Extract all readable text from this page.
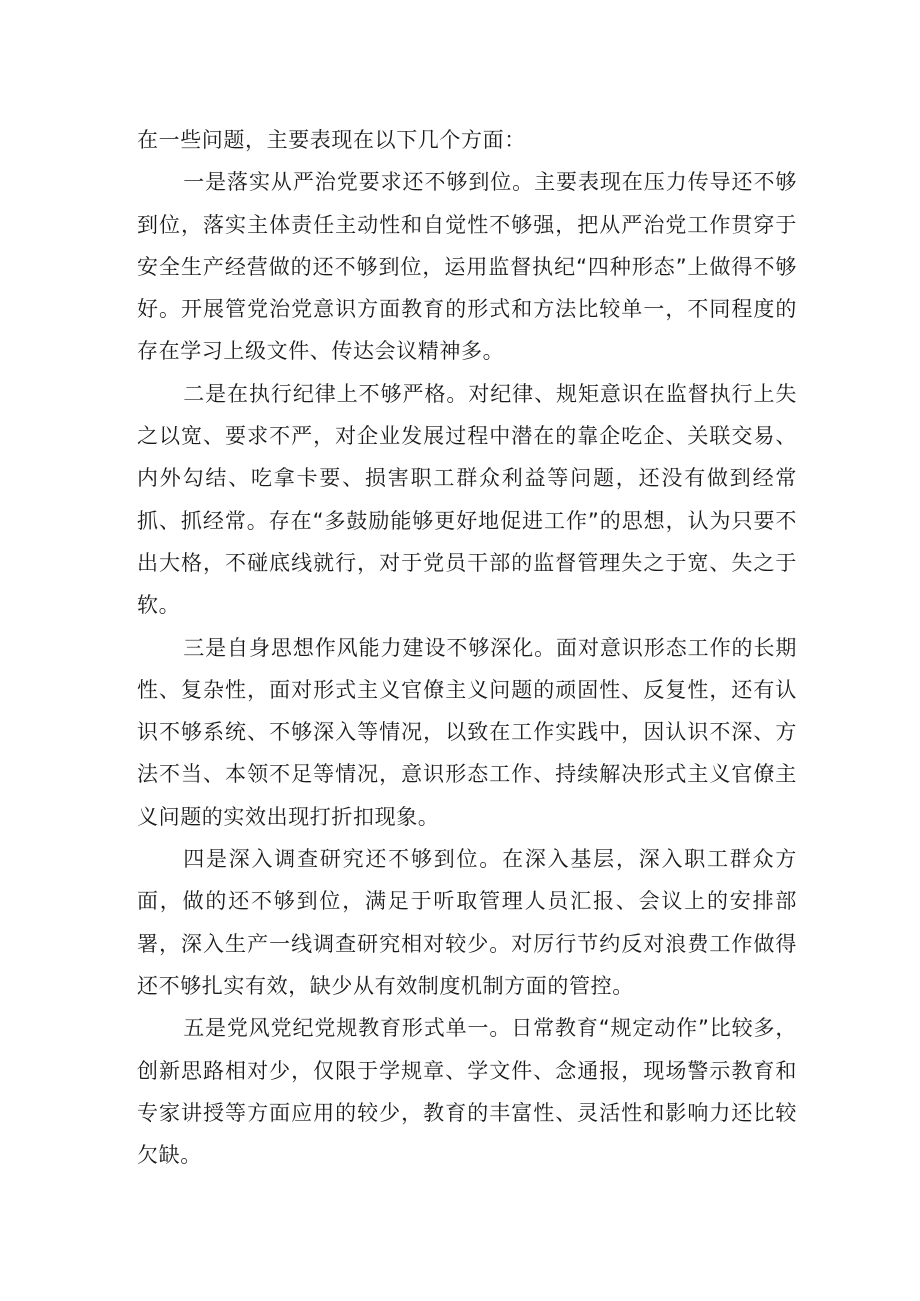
在一些问题，主要表现在以下几个方面：

一是落实从严治党要求还不够到位。主要表现在压力传导还不够到位，落实主体责任主动性和自觉性不够强，把从严治党工作贯穿于安全生产经营做的还不够到位，运用监督执纪“四种形态”上做得不够好。开展管党治党意识方面教育的形式和方法比较单一，不同程度的存在学习上级文件、传达会议精神多。

二是在执行纪律上不够严格。对纪律、规矩意识在监督执行上失之以宽、要求不严，对企业发展过程中潜在的靠企吃企、关联交易、内外勾结、吃拿卡要、损害职工群众利益等问题，还没有做到经常抓、抓经常。存在“多鼓励能够更好地促进工作”的思想，认为只要不出大格，不碰底线就行，对于党员干部的监督管理失之于宽、失之于软。

三是自身思想作风能力建设不够深化。面对意识形态工作的长期性、复杂性，面对形式主义官僚主义问题的顽固性、反复性，还有认识不够系统、不够深入等情况，以致在工作实践中，因认识不深、方法不当、本领不足等情况，意识形态工作、持续解决形式主义官僚主义问题的实效出现打折扣现象。

四是深入调查研究还不够到位。在深入基层，深入职工群众方面，做的还不够到位，满足于听取管理人员汇报、会议上的安排部署，深入生产一线调查研究相对较少。对厉行节约反对浪费工作做得还不够扎实有效，缺少从有效制度机制方面的管控。

五是党风党纪党规教育形式单一。日常教育“规定动作”比较多，创新思路相对少，仅限于学规章、学文件、念通报，现场警示教育和专家讲授等方面应用的较少，教育的丰富性、灵活性和影响力还比较欠缺。
